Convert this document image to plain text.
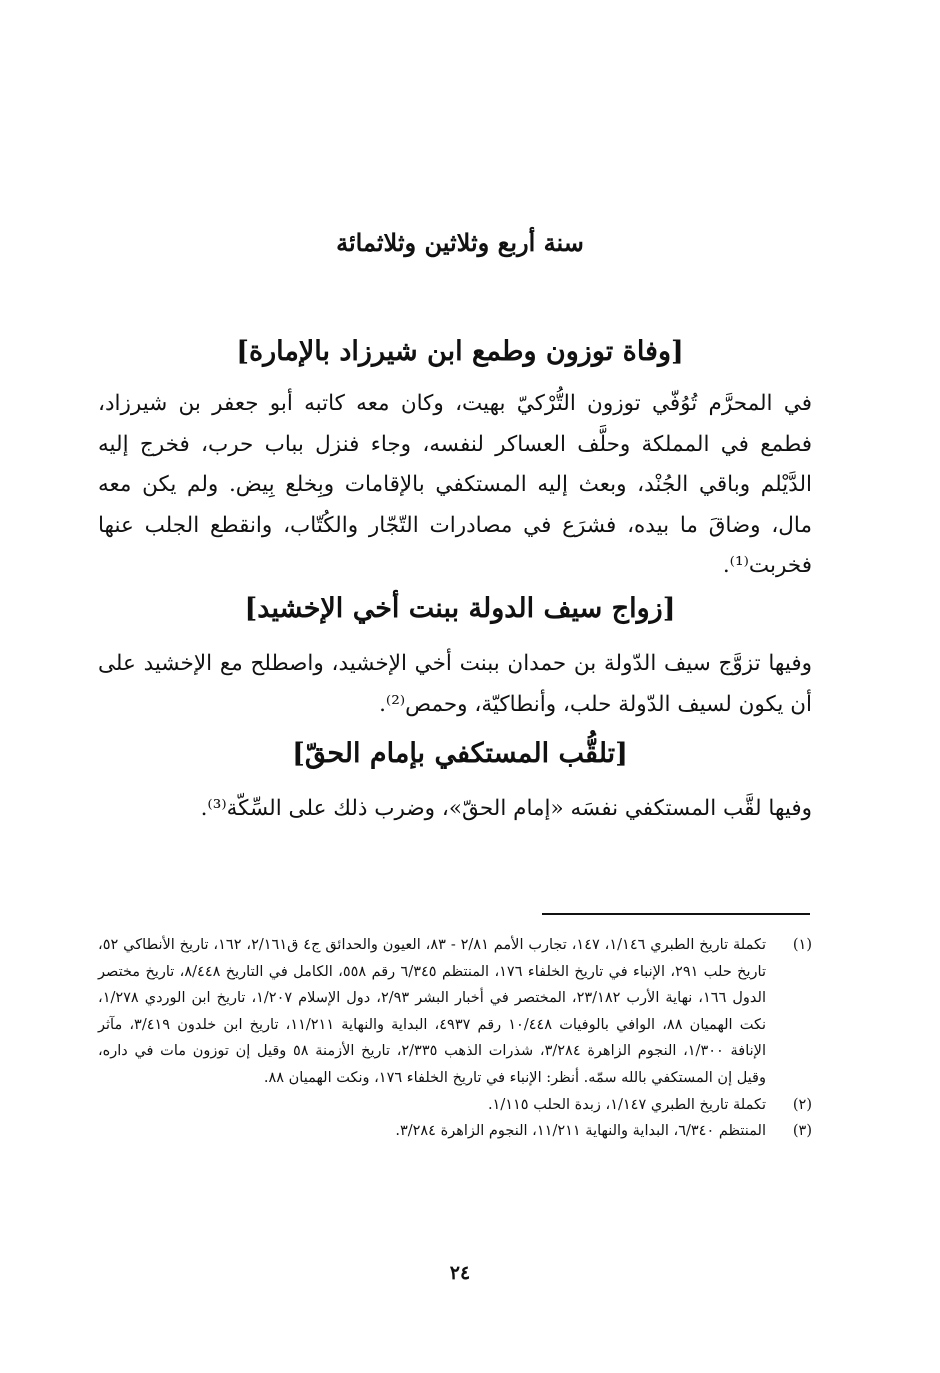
سنة أربع وثلاثين وثلاثمائة
[وفاة توزون وطمع ابن شيرزاد بالإمارة]
في المحرَّم تُوُفّي توزون التُّرْكيّ بهيت، وكان معه كاتبه أبو جعفر بن شيرزاد، فطمع في المملكة وحلَّف العساكر لنفسه، وجاء فنزل بباب حرب، فخرج إليه الدَّيْلم وباقي الجُنْد، وبعث إليه المستكفي بالإقامات وبِخلع بِيض. ولم يكن معه مال، وضاقَ ما بيده، فشرَع في مصادرات التّجّار والكُتّاب، وانقطع الجلب عنها فخربت⁽¹⁾.
[زواج سيف الدولة ببنت أخي الإخشيد]
وفيها تزوَّج سيف الدّولة بن حمدان ببنت أخي الإخشيد، واصطلح مع الإخشيد على أن يكون لسيف الدّولة حلب، وأنطاكيّة، وحمص⁽²⁾.
[تلقُّب المستكفي بإمام الحقّ]
وفيها لقَّب المستكفي نفسَه «إمام الحقّ»، وضرب ذلك على السِّكّة⁽³⁾.
(١)
تكملة تاريخ الطبري ١/١٤٦، ١٤٧، تجارب الأمم ٢/٨١ - ٨٣، العيون والحدائق ج٤ ق٢/١٦١، ١٦٢، تاريخ الأنطاكي ٥٢، تاريخ حلب ٢٩١، الإنباء في تاريخ الخلفاء ١٧٦، المنتظم ٦/٣٤٥ رقم ٥٥٨، الكامل في التاريخ ٨/٤٤٨، تاريخ مختصر الدول ١٦٦، نهاية الأرب ٢٣/١٨٢، المختصر في أخبار البشر ٢/٩٣، دول الإسلام ١/٢٠٧، تاريخ ابن الوردي ١/٢٧٨، نكت الهميان ٨٨، الوافي بالوفيات ١٠/٤٤٨ رقم ٤٩٣٧، البداية والنهاية ١١/٢١١، تاريخ ابن خلدون ٣/٤١٩، مآثر الإنافة ١/٣٠٠، النجوم الزاهرة ٣/٢٨٤، شذرات الذهب ٢/٣٣٥، تاريخ الأزمنة ٥٨ وقيل إن توزون مات في داره، وقيل إن المستكفي بالله سمّه. أنظر: الإنباء في تاريخ الخلفاء ١٧٦، ونكت الهميان ٨٨.
(٢)
تكملة تاريخ الطبري ١/١٤٧، زبدة الحلب ١/١١٥.
(٣)
المنتظم ٦/٣٤٠، البداية والنهاية ١١/٢١١، النجوم الزاهرة ٣/٢٨٤.
٢٤
